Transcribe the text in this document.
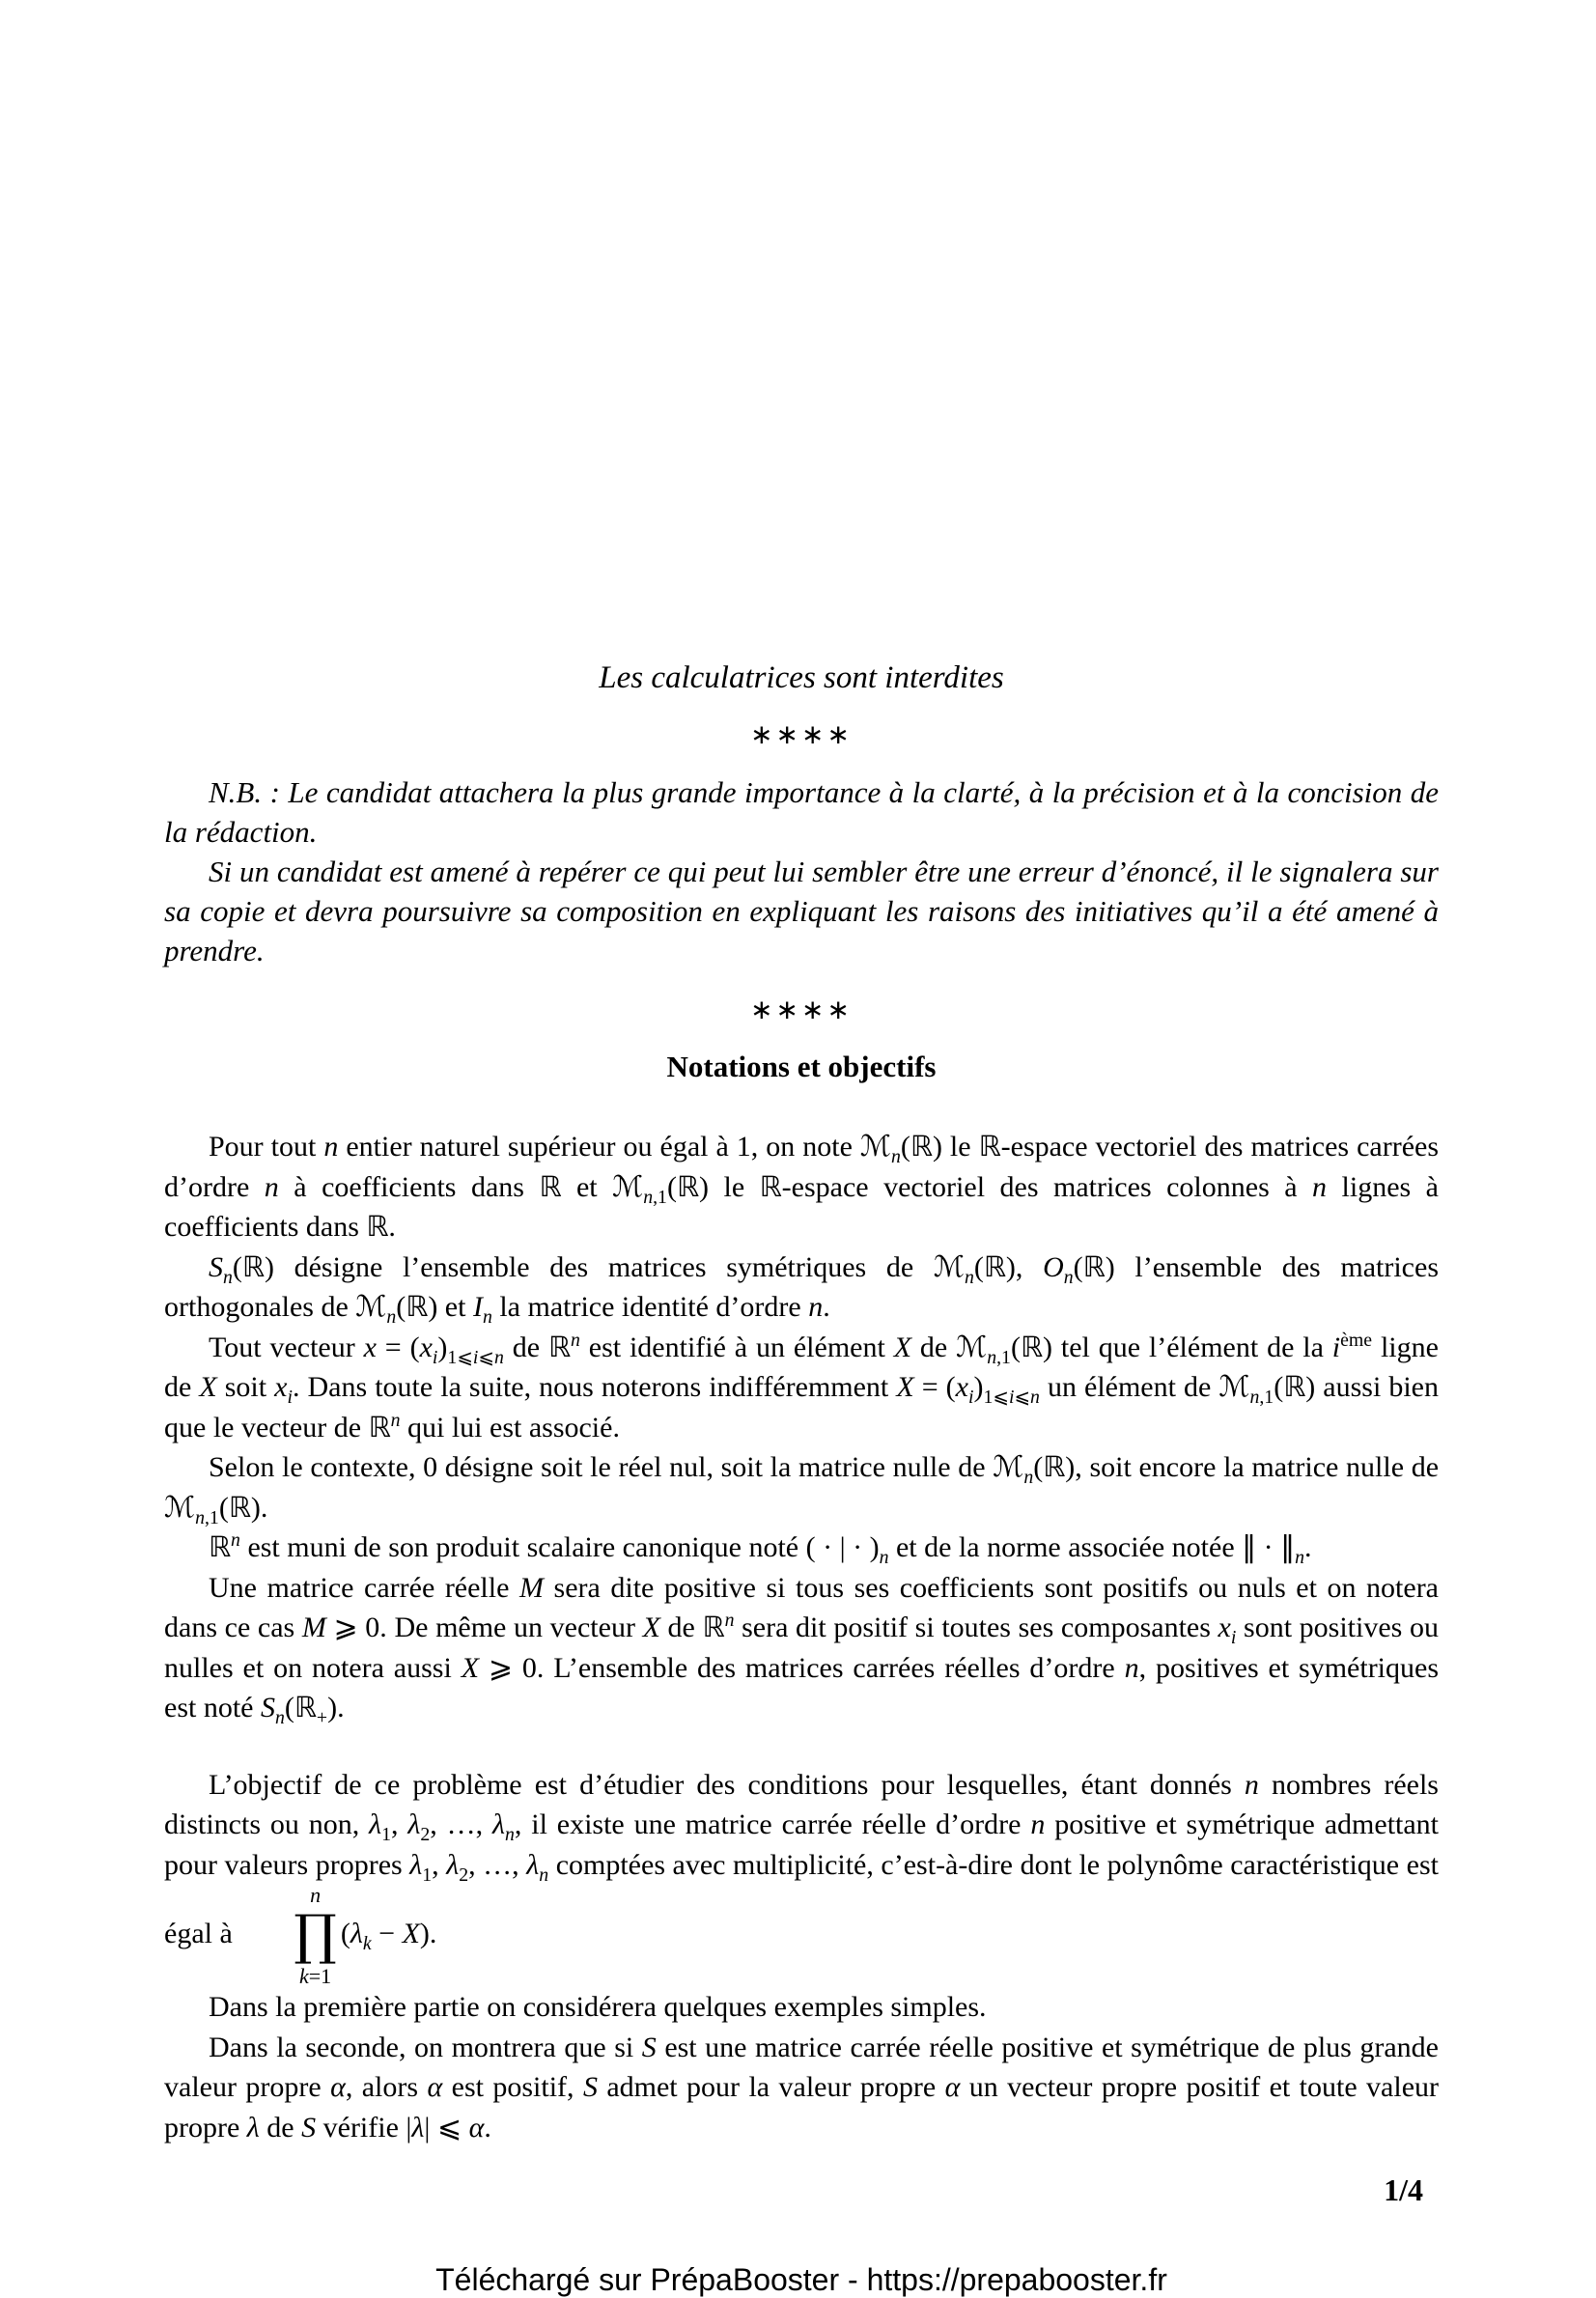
Les calculatrices sont interdites
∗∗∗∗

N.B. : Le candidat attachera la plus grande importance à la clarté, à la précision et à la concision de la rédaction.

Si un candidat est amené à repérer ce qui peut lui sembler être une erreur d’énoncé, il le signalera sur sa copie et devra poursuivre sa composition en expliquant les raisons des initiatives qu’il a été amené à prendre.

∗∗∗∗
Notations et objectifs

Pour tout n entier naturel supérieur ou égal à 1, on note ℳ$_n$(ℝ) le ℝ-espace vectoriel des matrices carrées d’ordre n à coefficients dans ℝ et ℳ$_{n,1}$(ℝ) le ℝ-espace vectoriel des matrices colonnes à n lignes à coefficients dans ℝ.

$S_n(ℝ)$ désigne l’ensemble des matrices symétriques de ℳ$_n$(ℝ), $O_n(ℝ)$ l’ensemble des matrices orthogonales de ℳ$_n$(ℝ) et $I_n$ la matrice identité d’ordre n.

Tout vecteur $x = (x_i)_{1⩽i⩽n}$ de ℝ$^n$ est identifié à un élément X de ℳ$_{n,1}$(ℝ) tel que l’élément de la $i^{ème}$ ligne de X soit $x_i$. Dans toute la suite, nous noterons indifféremment $X = (x_i)_{1⩽i⩽n}$ un élément de ℳ$_{n,1}$(ℝ) aussi bien que le vecteur de ℝ$^n$ qui lui est associé.

Selon le contexte, 0 désigne soit le réel nul, soit la matrice nulle de ℳ$_n$(ℝ), soit encore la matrice nulle de ℳ$_{n,1}$(ℝ).

ℝ$^n$ est muni de son produit scalaire canonique noté ( · | · )$_n$ et de la norme associée notée ‖ · $‖_n$.

Une matrice carrée réelle M sera dite positive si tous ses coefficients sont positifs ou nuls et on notera dans ce cas M ⩾ 0. De même un vecteur X de ℝ$^n$ sera dit positif si toutes ses composantes $x_i$ sont positives ou nulles et on notera aussi X ⩾ 0. L’ensemble des matrices carrées réelles d’ordre n, positives et symétriques est noté $S_n(ℝ_+)$.

L’objectif de ce problème est d’étudier des conditions pour lesquelles, étant donnés n nombres réels distincts ou non, $\lambda_1$, $\lambda_2$, …, $\lambda_n$, il existe une matrice carrée réelle d’ordre n positive et symétrique admettant pour valeurs propres $\lambda_1$, $\lambda_2$, …, $\lambda_n$ comptées avec multiplicité, c’est-à-dire dont le polynôme caractéristique est égal à
n
∏
k=1
$(\lambda_k - X)$.

Dans la première partie on considérera quelques exemples simples.

Dans la seconde, on montrera que si S est une matrice carrée réelle positive et symétrique de plus grande valeur propre α, alors α est positif, S admet pour la valeur propre α un vecteur propre positif et toute valeur propre λ de S vérifie |λ| ⩽ α.

1/4
Téléchargé sur PrépaBooster - https://prepabooster.fr
